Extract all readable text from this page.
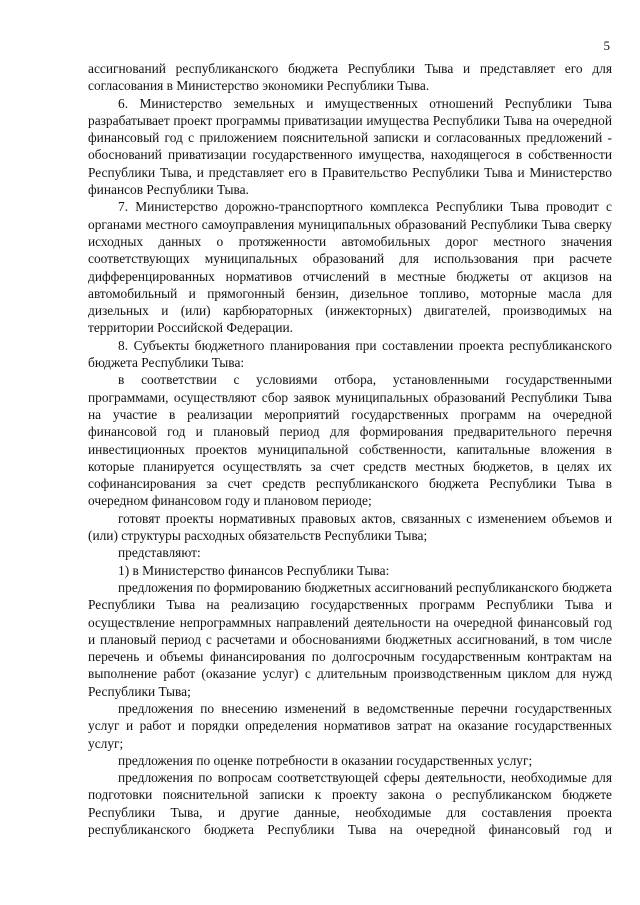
5

ассигнований республиканского бюджета Республики Тыва и представляет его для согласования в Министерство экономики Республики Тыва.

6. Министерство земельных и имущественных отношений Республики Тыва разрабатывает проект программы приватизации имущества Республики Тыва на очередной финансовый год с приложением пояснительной записки и согласованных предложений - обоснований приватизации государственного имущества, находящегося в собственности Республики Тыва, и представляет его в Правительство Республики Тыва и Министерство финансов Республики Тыва.

7. Министерство дорожно-транспортного комплекса Республики Тыва проводит с органами местного самоуправления муниципальных образований Республики Тыва сверку исходных данных о протяженности автомобильных дорог местного значения соответствующих муниципальных образований для использования при расчете дифференцированных нормативов отчислений в местные бюджеты от акцизов на автомобильный и прямогонный бензин, дизельное топливо, моторные масла для дизельных и (или) карбюраторных (инжекторных) двигателей, производимых на территории Российской Федерации.

8. Субъекты бюджетного планирования при составлении проекта республиканского бюджета Республики Тыва:

в соответствии с условиями отбора, установленными государственными программами, осуществляют сбор заявок муниципальных образований Республики Тыва на участие в реализации мероприятий государственных программ на очередной финансовой год и плановый период для формирования предварительного перечня инвестиционных проектов муниципальной собственности, капитальные вложения в которые планируется осуществлять за счет средств местных бюджетов, в целях их софинансирования за счет средств республиканского бюджета Республики Тыва в очередном финансовом году и плановом периоде;

готовят проекты нормативных правовых актов, связанных с изменением объемов и (или) структуры расходных обязательств Республики Тыва;

представляют:

1) в Министерство финансов Республики Тыва:

предложения по формированию бюджетных ассигнований республиканского бюджета Республики Тыва на реализацию государственных программ Республики Тыва и осуществление непрограммных направлений деятельности на очередной финансовый год и плановый период с расчетами и обоснованиями бюджетных ассигнований, в том числе перечень и объемы финансирования по долгосрочным государственным контрактам на выполнение работ (оказание услуг) с длительным производственным циклом для нужд Республики Тыва;

предложения по внесению изменений в ведомственные перечни государственных услуг и работ и порядки определения нормативов затрат на оказание государственных услуг;

предложения по оценке потребности в оказании государственных услуг;

предложения по вопросам соответствующей сферы деятельности, необходимые для подготовки пояснительной записки к проекту закона о республиканском бюджете Республики Тыва, и другие данные, необходимые для составления проекта республиканского бюджета Республики Тыва на очередной финансовый год и
